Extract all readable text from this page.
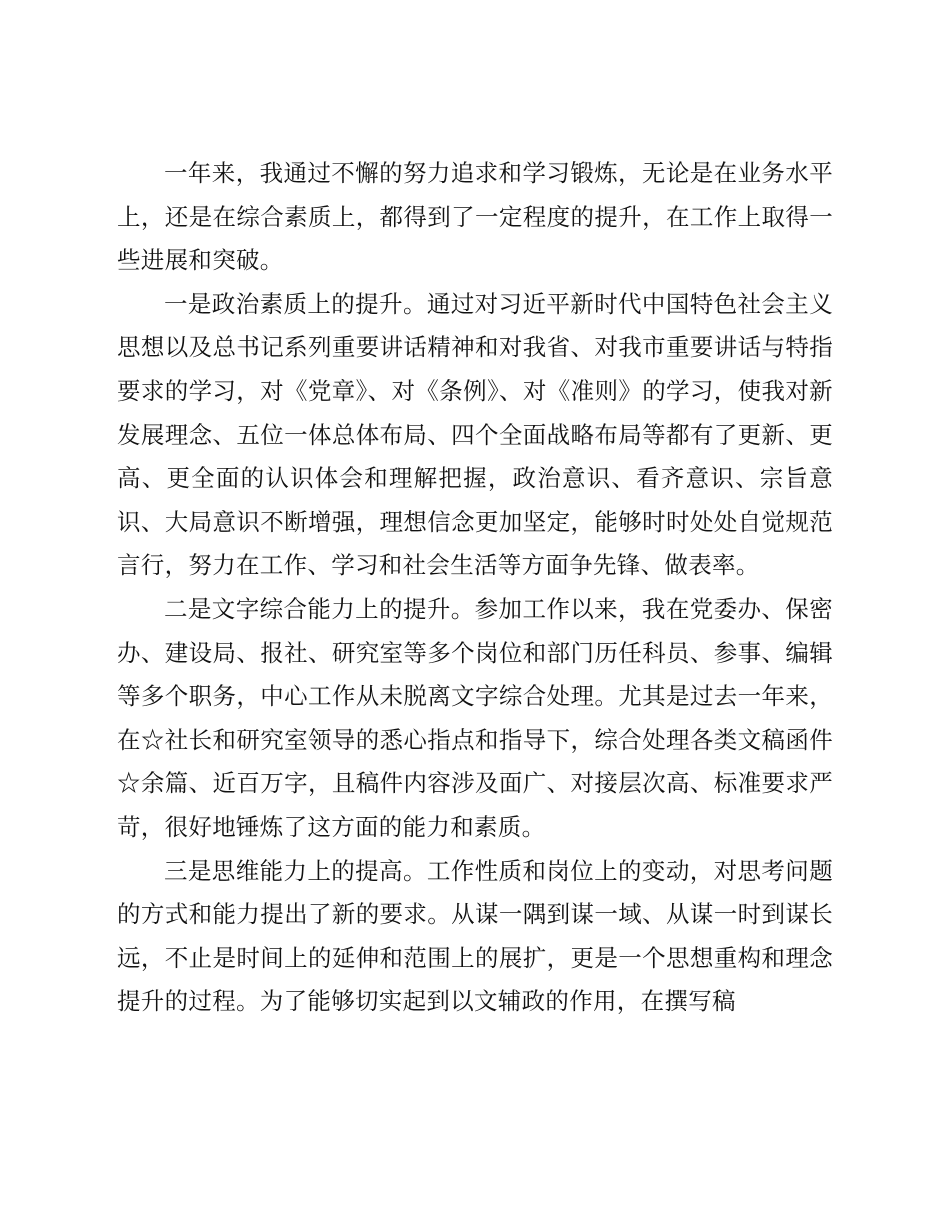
一年来，我通过不懈的努力追求和学习锻炼，无论是在业务水平上，还是在综合素质上，都得到了一定程度的提升，在工作上取得一些进展和突破。

一是政治素质上的提升。通过对习近平新时代中国特色社会主义思想以及总书记系列重要讲话精神和对我省、对我市重要讲话与特指要求的学习，对《党章》、对《条例》、对《准则》的学习，使我对新发展理念、五位一体总体布局、四个全面战略布局等都有了更新、更高、更全面的认识体会和理解把握，政治意识、看齐意识、宗旨意识、大局意识不断增强，理想信念更加坚定，能够时时处处自觉规范言行，努力在工作、学习和社会生活等方面争先锋、做表率。

二是文字综合能力上的提升。参加工作以来，我在党委办、保密办、建设局、报社、研究室等多个岗位和部门历任科员、参事、编辑等多个职务，中心工作从未脱离文字综合处理。尤其是过去一年来，在☆社长和研究室领导的悉心指点和指导下，综合处理各类文稿函件☆余篇、近百万字，且稿件内容涉及面广、对接层次高、标准要求严苛，很好地锤炼了这方面的能力和素质。

三是思维能力上的提高。工作性质和岗位上的变动，对思考问题的方式和能力提出了新的要求。从谋一隅到谋一域、从谋一时到谋长远，不止是时间上的延伸和范围上的展扩，更是一个思想重构和理念提升的过程。为了能够切实起到以文辅政的作用，在撰写稿
